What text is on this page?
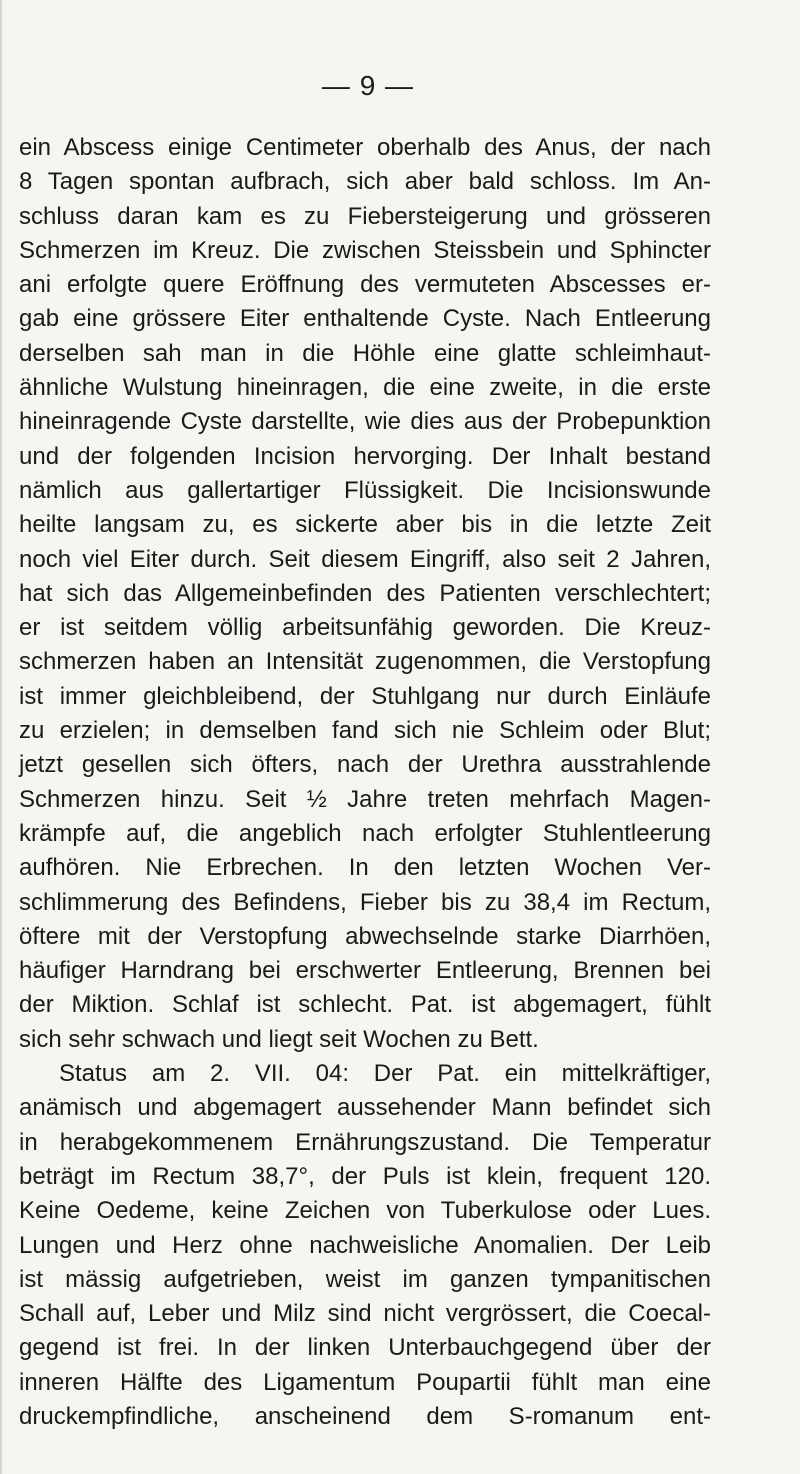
— 9 —
ein Abscess einige Centimeter oberhalb des Anus, der nach
8 Tagen spontan aufbrach, sich aber bald schloss. Im An-
schluss daran kam es zu Fiebersteigerung und grösseren
Schmerzen im Kreuz. Die zwischen Steissbein und Sphincter
ani erfolgte quere Eröffnung des vermuteten Abscesses er-
gab eine grössere Eiter enthaltende Cyste. Nach Entleerung
derselben sah man in die Höhle eine glatte schleimhaut-
ähnliche Wulstung hineinragen, die eine zweite, in die erste
hineinragende Cyste darstellte, wie dies aus der Probepunktion
und der folgenden Incision hervorging. Der Inhalt bestand
nämlich aus gallertartiger Flüssigkeit. Die Incisionswunde
heilte langsam zu, es sickerte aber bis in die letzte Zeit
noch viel Eiter durch. Seit diesem Eingriff, also seit 2 Jahren,
hat sich das Allgemeinbefinden des Patienten verschlechtert;
er ist seitdem völlig arbeitsunfähig geworden. Die Kreuz-
schmerzen haben an Intensität zugenommen, die Verstopfung
ist immer gleichbleibend, der Stuhlgang nur durch Einläufe
zu erzielen; in demselben fand sich nie Schleim oder Blut;
jetzt gesellen sich öfters, nach der Urethra ausstrahlende
Schmerzen hinzu. Seit ½ Jahre treten mehrfach Magen-
krämpfe auf, die angeblich nach erfolgter Stuhlentleerung
aufhören. Nie Erbrechen. In den letzten Wochen Ver-
schlimmerung des Befindens, Fieber bis zu 38,4 im Rectum,
öftere mit der Verstopfung abwechselnde starke Diarrhöen,
häufiger Harndrang bei erschwerter Entleerung, Brennen bei
der Miktion. Schlaf ist schlecht. Pat. ist abgemagert, fühlt
sich sehr schwach und liegt seit Wochen zu Bett.
Status am 2. VII. 04: Der Pat. ein mittelkräftiger,
anämisch und abgemagert aussehender Mann befindet sich
in herabgekommenem Ernährungszustand. Die Temperatur
beträgt im Rectum 38,7°, der Puls ist klein, frequent 120.
Keine Oedeme, keine Zeichen von Tuberkulose oder Lues.
Lungen und Herz ohne nachweisliche Anomalien. Der Leib
ist mässig aufgetrieben, weist im ganzen tympanitischen
Schall auf, Leber und Milz sind nicht vergrössert, die Coecal-
gegend ist frei. In der linken Unterbauchgegend über der
inneren Hälfte des Ligamentum Poupartii fühlt man eine
druckempfindliche, anscheinend dem S-romanum ent-
